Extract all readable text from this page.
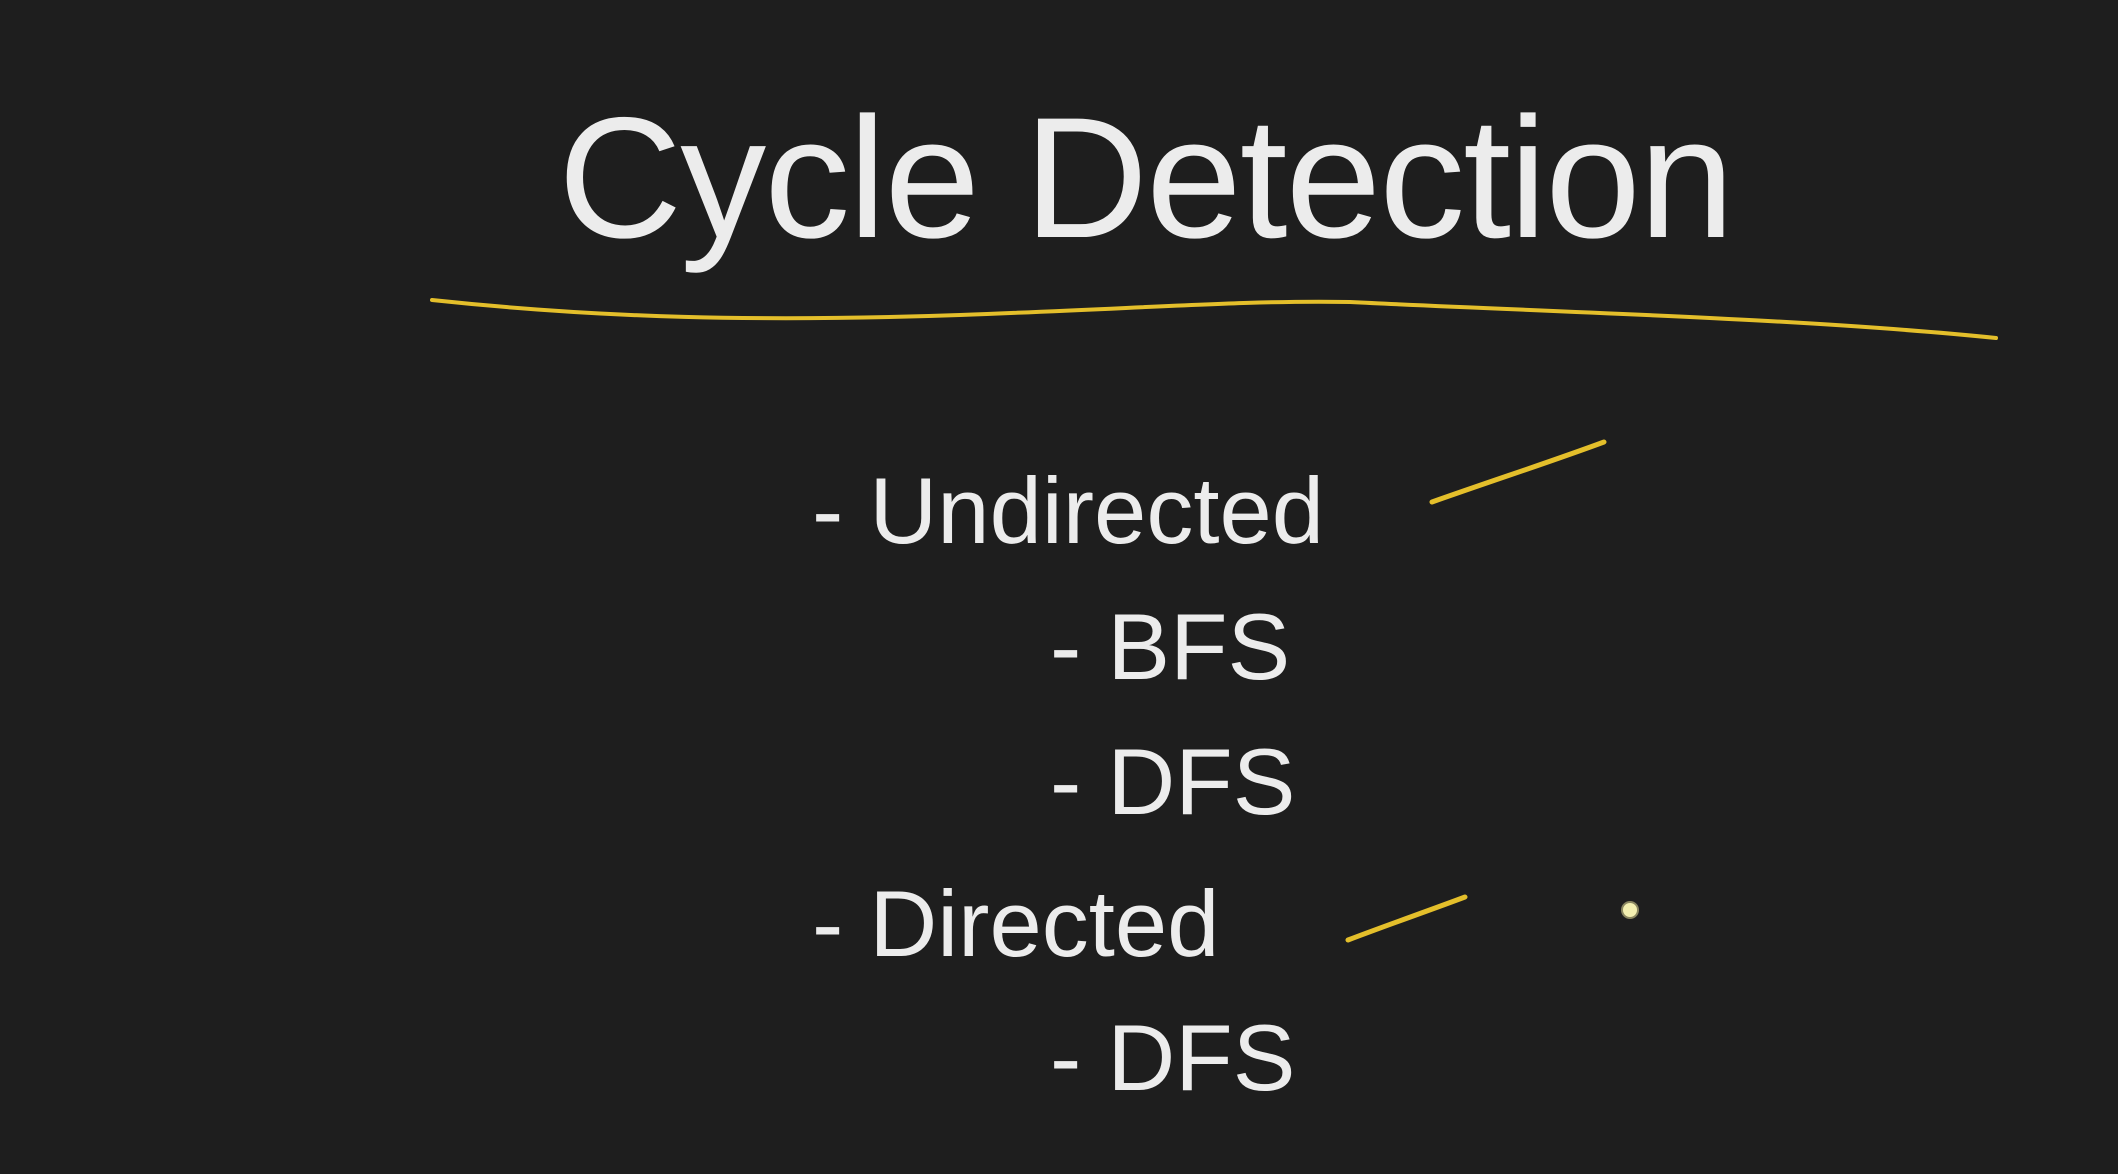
Cycle Detection
- Undirected
- BFS
- DFS
- Directed
- DFS
